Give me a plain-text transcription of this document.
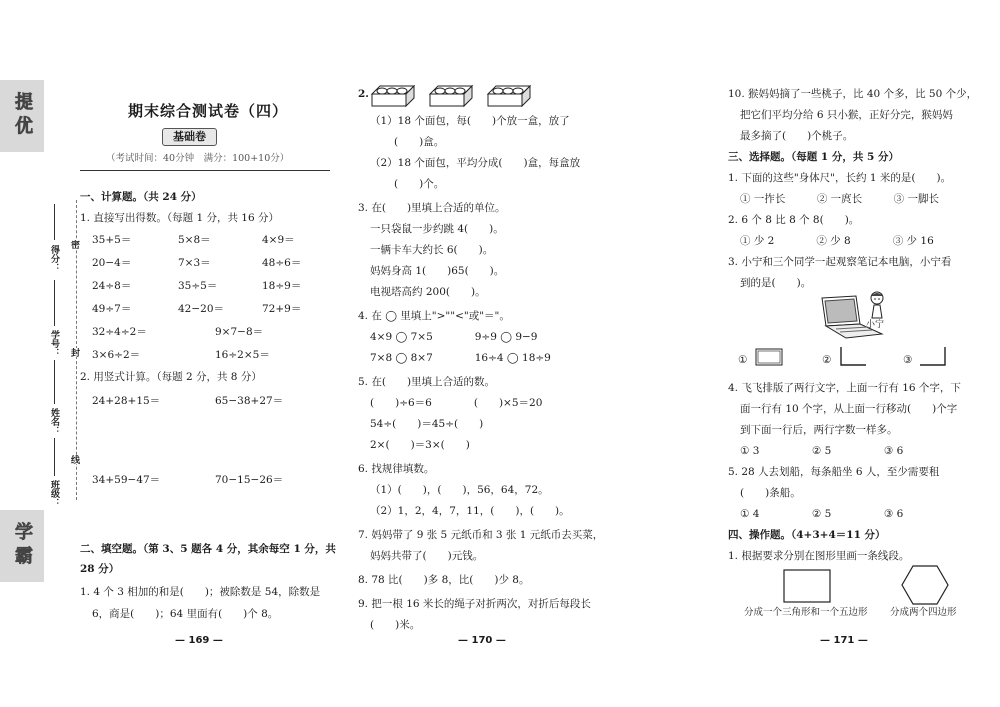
提优
学霸
密
封
线
得分：
学号：
姓名：
班级：
期末综合测试卷（四）
基础卷
（考试时间：40分钟　满分：100+10分）
一、计算题。（共 24 分）
1. 直接写出得数。（每题 1 分，共 16 分）
35+5＝	5×8＝	4×9＝
20−4＝	7×3＝	48÷6＝
24÷8＝	35÷5＝	18÷9＝
49÷7＝	42−20＝	72+9＝
32÷4÷2＝	9×7−8＝
3×6÷2＝	16÷2×5＝
2. 用竖式计算。（每题 2 分，共 8 分）
24+28+15＝	65−38+27＝
34+59−47＝	70−15−26＝
二、填空题。（第 3、5 题各 4 分，其余每空 1 分，共
28 分）
1. 4 个 3 相加的和是(　　)；被除数是 54，除数是
6，商是(　　)；64 里面有(　　)个 8。
— 169 —
2.
（1）18 个面包，每(　　)个放一盒，放了
(　　)盒。
（2）18 个面包，平均分成(　　)盒，每盒放
(　　)个。
3. 在(　　)里填上合适的单位。
一只袋鼠一步约跳 4(　　)。
一辆卡车大约长 6(　　)。
妈妈身高 1(　　)65(　　)。
电视塔高约 200(　　)。
4. 在 ◯ 里填上">""<"或"＝"。
4×9 ◯ 7×5　　　　9÷9 ◯ 9−9
7×8 ◯ 8×7　　　　16÷4 ◯ 18÷9
5. 在(　　)里填上合适的数。
(　　)÷6＝6　　　　(　　)×5＝20
54÷(　　)＝45÷(　　)
2×(　　)＝3×(　　)
6. 找规律填数。
（1）(　　)，(　　)，56，64，72。
（2）1，2，4，7，11，(　　)，(　　)。
7. 妈妈带了 9 张 5 元纸币和 3 张 1 元纸币去买菜，
妈妈共带了(　　)元钱。
8. 78 比(　　)多 8，比(　　)少 8。
9. 把一根 16 米长的绳子对折两次，对折后每段长
(　　)米。
— 170 —
10. 猴妈妈摘了一些桃子，比 40 个多，比 50 个少，
把它们平均分给 6 只小猴，正好分完，猴妈妈
最多摘了(　　)个桃子。
三、选择题。（每题 1 分，共 5 分）
1. 下面的这些"身体尺"，长约 1 米的是(　　)。
① 一拃长　　　② 一庹长　　　③ 一脚长
2. 6 个 8 比 8 个 8(　　)。
① 少 2　　　　② 少 8　　　　③ 少 16
3. 小宁和三个同学一起观察笔记本电脑，小宁看
到的是(　　)。
小宁
①	②	③
4. 飞飞排版了两行文字，上面一行有 16 个字，下
面一行有 10 个字，从上面一行移动(　　)个字
到下面一行后，两行字数一样多。
① 3　　　　　② 5　　　　　③ 6
5. 28 人去划船，每条船坐 6 人，至少需要租
(　　)条船。
① 4　　　　　② 5　　　　　③ 6
四、操作题。（4+3+4＝11 分）
1. 根据要求分别在图形里画一条线段。
分成一个三角形和一个五边形 分成两个四边形
— 171 —
